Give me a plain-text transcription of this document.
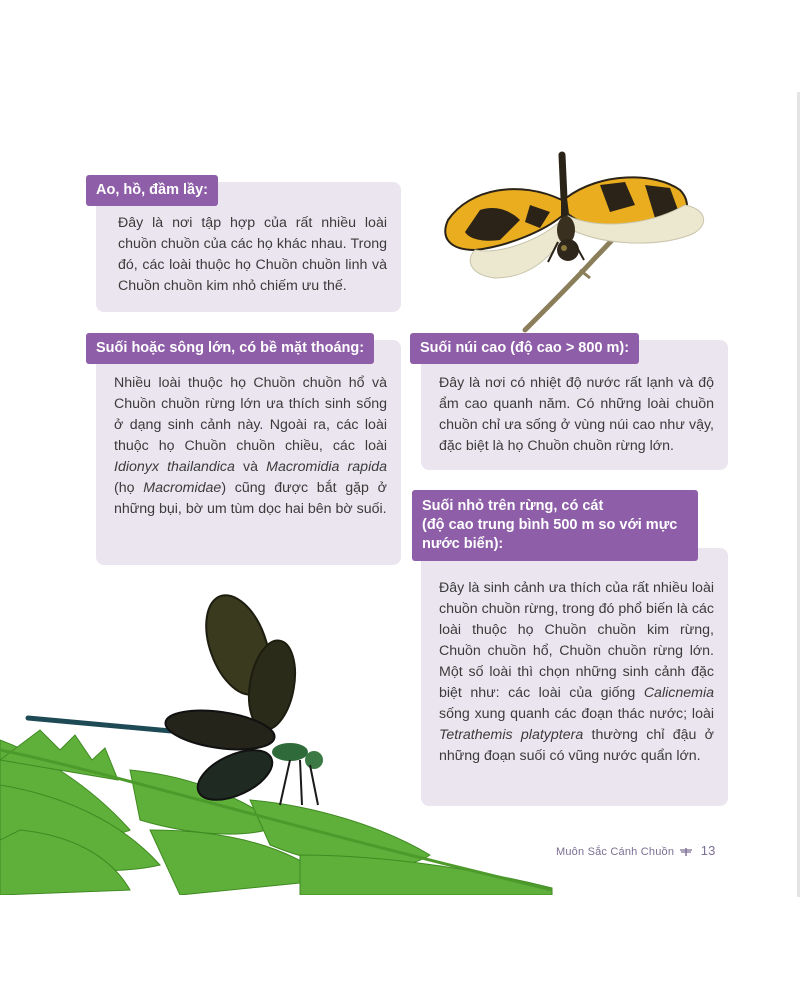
Đây là nơi tập hợp của rất nhiều loài chuồn chuồn của các họ khác nhau. Trong đó, các loài thuộc họ Chuồn chuồn linh và Chuồn chuồn kim nhỏ chiếm ưu thế.

Ao, hồ, đầm lầy:

Nhiều loài thuộc họ Chuồn chuồn hổ và Chuồn chuồn rừng lớn ưa thích sinh sống ở dạng sinh cảnh này. Ngoài ra, các loài thuộc họ Chuồn chuồn chiều, các loài Idionyx thailandica và Macromidia rapida (họ Macromidae) cũng được bắt gặp ở những bụi, bờ um tùm dọc hai bên bờ suối.

Suối hoặc sông lớn, có bề mặt thoáng:

Đây là nơi có nhiệt độ nước rất lạnh và độ ẩm cao quanh năm. Có những loài chuồn chuồn chỉ ưa sống ở vùng núi cao như vậy, đặc biệt là họ Chuồn chuồn rừng lớn.

Suối núi cao (độ cao > 800 m):

Đây là sinh cảnh ưa thích của rất nhiều loài chuồn chuồn rừng, trong đó phổ biến là các loài thuộc họ Chuồn chuồn kim rừng, Chuồn chuồn hổ, Chuồn chuồn rừng lớn. Một số loài thì chọn những sinh cảnh đặc biệt như: các loài của giống Calicnemia sống xung quanh các đoạn thác nước; loài Tetrathemis platyptera thường chỉ đậu ở những đoạn suối có vũng nước quẩn lớn.

Suối nhỏ trên rừng, có cát
(độ cao trung bình 500 m so với mực
nước biển):
Muôn Sắc Cánh Chuồn 13
